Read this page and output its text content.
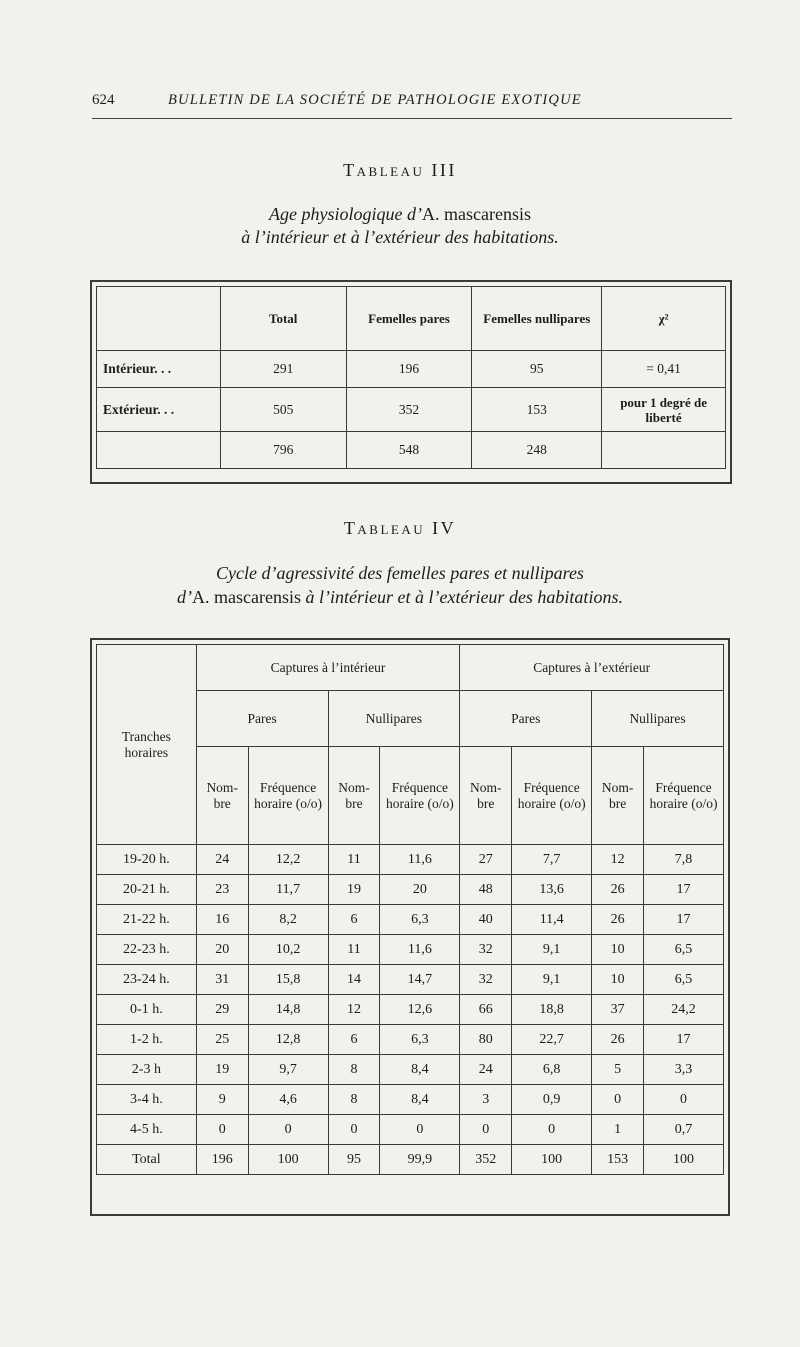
624	BULLETIN DE LA SOCIÉTÉ DE PATHOLOGIE EXOTIQUE
Tableau III
Age physiologique d’A. mascarensis
à l’intérieur et à l’extérieur des habitations.
	Total	Femelles pares	Femelles nullipares	χ²
Intérieur. . .	291	196	95	= 0,41
Extérieur. . .	505	352	153	pour 1 degré de liberté
	796	548	248	
Tableau IV
Cycle d’agressivité des femelles pares et nullipares
d’A. mascarensis à l’intérieur et à l’extérieur des habitations.
Tranches horaires	Captures à l’intérieur				Captures à l’extérieur			
	Pares		Nullipares		Pares		Nullipares	
	Nom-bre	Fréquence horaire (o/o)	Nom-bre	Fréquence horaire (o/o)	Nom-bre	Fréquence horaire (o/o)	Nom-bre	Fréquence horaire (o/o)
19-20 h.	24	12,2	11	11,6	27	7,7	12	7,8
20-21 h.	23	11,7	19	20	48	13,6	26	17
21-22 h.	16	8,2	6	6,3	40	11,4	26	17
22-23 h.	20	10,2	11	11,6	32	9,1	10	6,5
23-24 h.	31	15,8	14	14,7	32	9,1	10	6,5
0-1 h.	29	14,8	12	12,6	66	18,8	37	24,2
1-2 h.	25	12,8	6	6,3	80	22,7	26	17
2-3 h	19	9,7	8	8,4	24	6,8	5	3,3
3-4 h.	9	4,6	8	8,4	3	0,9	0	0
4-5 h.	0	0	0	0	0	0	1	0,7
Total	196	100	95	99,9	352	100	153	100
